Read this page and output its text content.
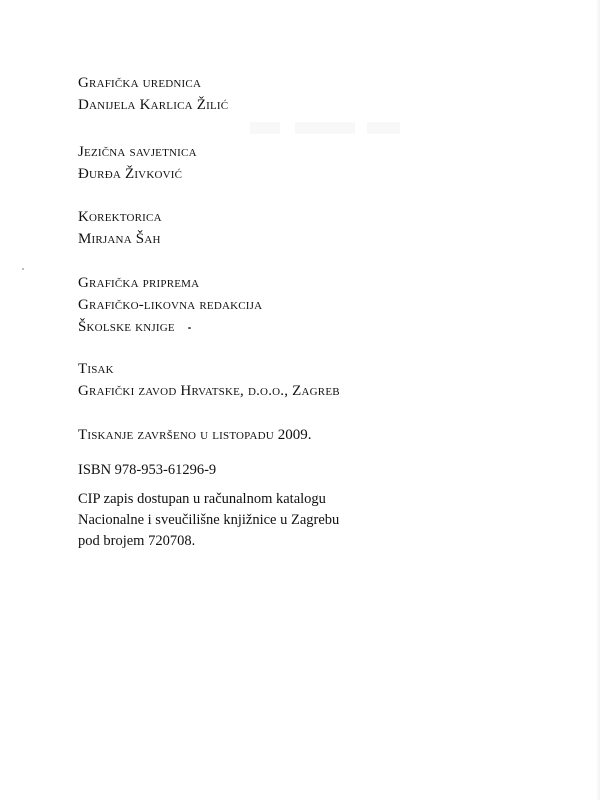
Grafička urednica
Danijela Karlica Žilić
Jezična savjetnica
Đurđa Živković
Korektorica
Mirjana Šah
Grafička priprema
Grafičko-likovna redakcija
Školske knjige
Tisak
Grafički zavod Hrvatske, d.o.o., Zagreb
Tiskanje završeno u listopadu 2009.
ISBN 978-953-61296-9
CIP zapis dostupan u računalnom katalogu
Nacionalne i sveučilišne knjižnice u Zagrebu
pod brojem 720708.
